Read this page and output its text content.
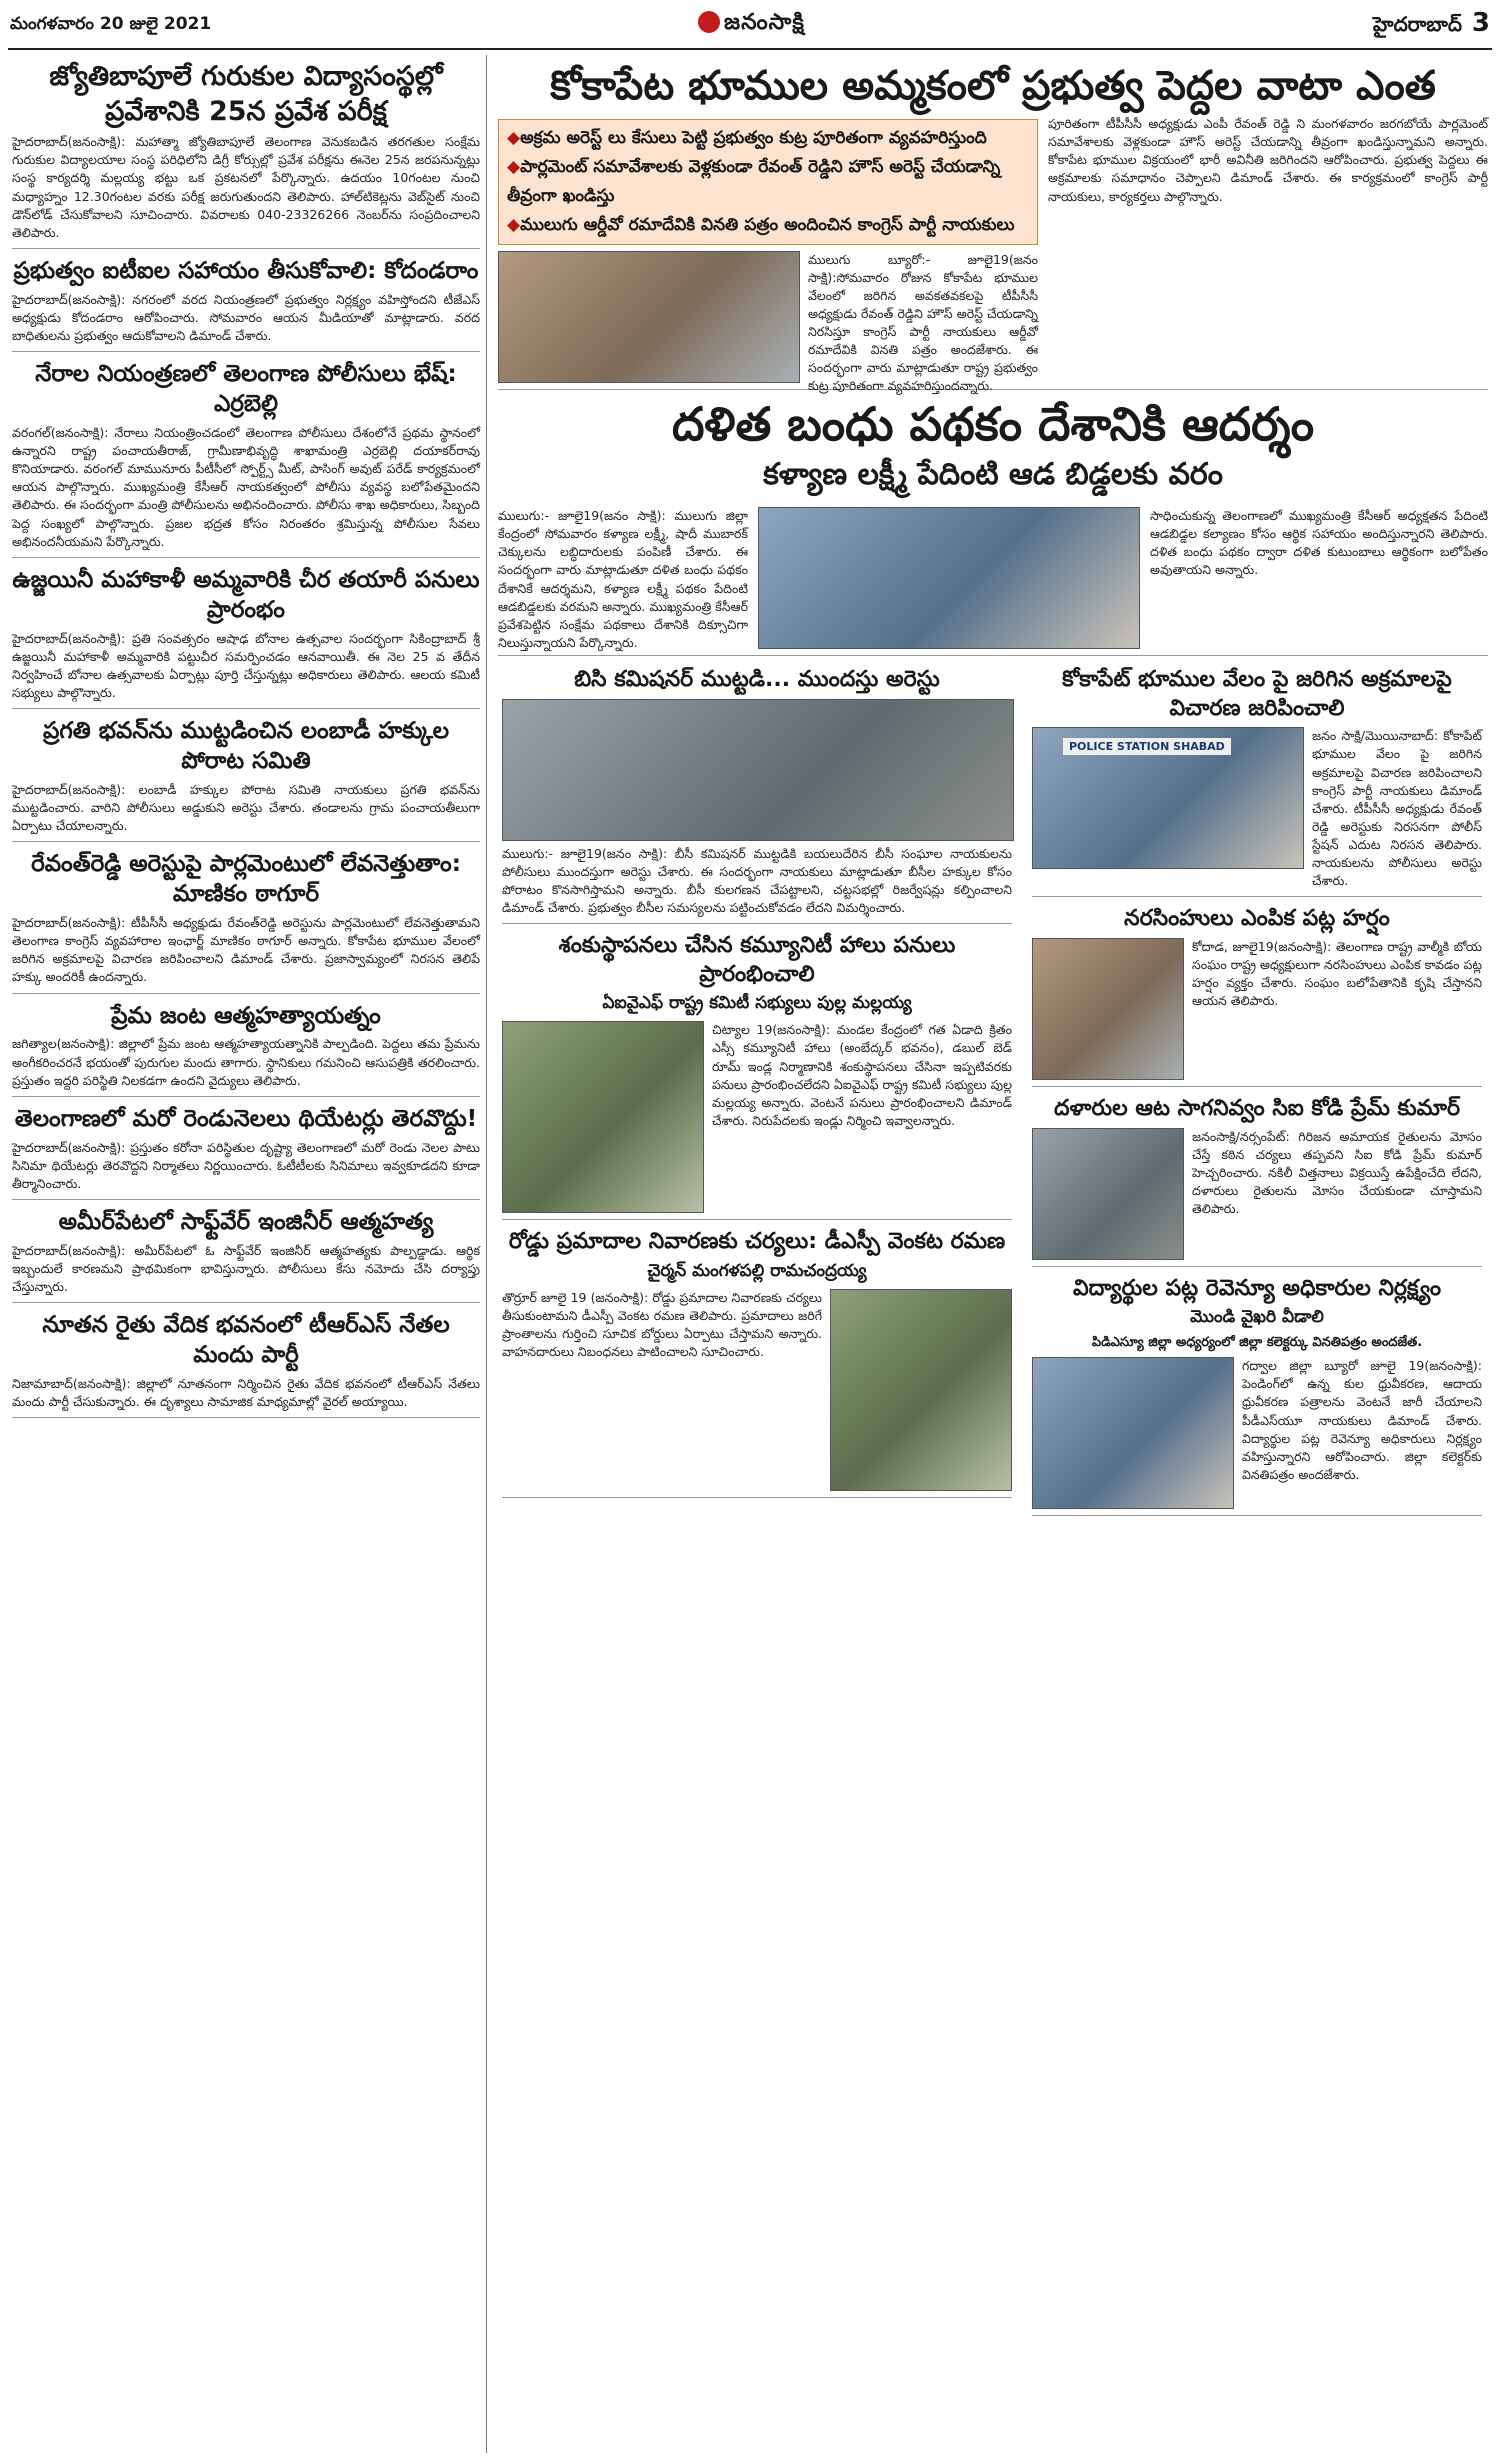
మంగళవారం 20 జులై 2021	జనంసాక్షి	హైదరాబాద్ 3
జ్యోతిబాపూలే గురుకుల విద్యాసంస్థల్లో ప్రవేశానికి 25న ప్రవేశ పరీక్ష
హైదరాబాద్(జనంసాక్షి): మహాత్మా జ్యోతిబాపూలే తెలంగాణ వెనుకబడిన తరగతుల సంక్షేమ గురుకుల విద్యాలయాల సంస్థ పరిధిలోని డిగ్రీ కోర్సుల్లో ప్రవేశ పరీక్షను ఈనెల 25న జరపనున్నట్లు సంస్థ కార్యదర్శి మల్లయ్య భట్టు ఒక ప్రకటనలో పేర్కొన్నారు. ఉదయం 10గంటల నుంచి మధ్యాహ్నం 12.30గంటల వరకు పరీక్ష జరుగుతుందని తెలిపారు. హాల్‌టికెట్లను వెబ్‌సైట్ నుంచి డౌన్‌లోడ్ చేసుకోవాలని సూచించారు. వివరాలకు 040-23326266 నెంబర్‌ను సంప్రదించాలని తెలిపారు.
ప్రభుత్వం ఐటీఐల సహాయం తీసుకోవాలి: కోదండరాం
హైదరాబాద్(జనంసాక్షి): నగరంలో వరద నియంత్రణలో ప్రభుత్వం నిర్లక్ష్యం వహిస్తోందని టీజేఎస్ అధ్యక్షుడు కోదండరాం ఆరోపించారు. సోమవారం ఆయన మీడియాతో మాట్లాడారు. వరద బాధితులను ప్రభుత్వం ఆదుకోవాలని డిమాండ్ చేశారు.
నేరాల నియంత్రణలో తెలంగాణ పోలీసులు భేష్: ఎర్రబెల్లి
వరంగల్(జనంసాక్షి): నేరాలు నియంత్రించడంలో తెలంగాణ పోలీసులు దేశంలోనే ప్రథమ స్థానంలో ఉన్నారని రాష్ట్ర పంచాయతీరాజ్, గ్రామీణాభివృద్ధి శాఖామంత్రి ఎర్రబెల్లి దయాకర్‌రావు కొనియాడారు. వరంగల్ మామునూరు పీటీసీలో స్పోర్ట్స్ మీట్, పాసింగ్ అవుట్ పరేడ్ కార్యక్రమంలో ఆయన పాల్గొన్నారు. ముఖ్యమంత్రి కేసీఆర్ నాయకత్వంలో పోలీసు వ్యవస్థ బలోపేతమైందని తెలిపారు. ఈ సందర్భంగా మంత్రి పోలీసులను అభినందించారు. పోలీసు శాఖ అధికారులు, సిబ్బంది పెద్ద సంఖ్యలో పాల్గొన్నారు. ప్రజల భద్రత కోసం నిరంతరం శ్రమిస్తున్న పోలీసుల సేవలు అభినందనీయమని పేర్కొన్నారు.
ఉజ్జయినీ మహాకాళీ అమ్మవారికి చీర తయారీ పనులు ప్రారంభం
హైదరాబాద్(జనంసాక్షి): ప్రతి సంవత్సరం ఆషాఢ బోనాల ఉత్సవాల సందర్భంగా సికింద్రాబాద్ శ్రీ ఉజ్జయినీ మహాకాళీ అమ్మవారికి పట్టుచీర సమర్పించడం ఆనవాయితీ. ఈ నెల 25 వ తేదీన నిర్వహించే బోనాల ఉత్సవాలకు ఏర్పాట్లు పూర్తి చేస్తున్నట్లు అధికారులు తెలిపారు. ఆలయ కమిటీ సభ్యులు పాల్గొన్నారు.
ప్రగతి భవన్‌ను ముట్టడించిన లంబాడీ హక్కుల పోరాట సమితి
హైదరాబాద్(జనంసాక్షి): లంబాడీ హక్కుల పోరాట సమితి నాయకులు ప్రగతి భవన్‌ను ముట్టడించారు. వారిని పోలీసులు అడ్డుకుని అరెస్టు చేశారు. తండాలను గ్రామ పంచాయతీలుగా ఏర్పాటు చేయాలన్నారు.
రేవంత్‌రెడ్డి అరెస్టుపై పార్లమెంటులో లేవనెత్తుతాం: మాణికం ఠాగూర్
హైదరాబాద్(జనంసాక్షి): టీపీసీసీ అధ్యక్షుడు రేవంత్‌రెడ్డి అరెస్టును పార్లమెంటులో లేవనెత్తుతామని తెలంగాణ కాంగ్రెస్ వ్యవహారాల ఇంఛార్జ్ మాణికం ఠాగూర్ అన్నారు. కోకాపేట భూముల వేలంలో జరిగిన అక్రమాలపై విచారణ జరిపించాలని డిమాండ్ చేశారు. ప్రజాస్వామ్యంలో నిరసన తెలిపే హక్కు అందరికీ ఉందన్నారు.
ప్రేమ జంట ఆత్మహత్యాయత్నం
జగిత్యాల(జనంసాక్షి): జిల్లాలో ప్రేమ జంట ఆత్మహత్యాయత్నానికి పాల్పడింది. పెద్దలు తమ ప్రేమను అంగీకరించరనే భయంతో పురుగుల మందు తాగారు. స్థానికులు గమనించి ఆసుపత్రికి తరలించారు. ప్రస్తుతం ఇద్దరి పరిస్థితి నిలకడగా ఉందని వైద్యులు తెలిపారు.
తెలంగాణలో మరో రెండునెలలు థియేటర్లు తెరవొద్దు!
హైదరాబాద్(జనంసాక్షి): ప్రస్తుతం కరోనా పరిస్థితుల దృష్ట్యా తెలంగాణలో మరో రెండు నెలల పాటు సినిమా థియేటర్లు తెరవొద్దని నిర్మాతలు నిర్ణయించారు. ఓటీటీలకు సినిమాలు ఇవ్వకూడదని కూడా తీర్మానించారు.
అమీర్‌పేటలో సాఫ్ట్‌వేర్ ఇంజినీర్ ఆత్మహత్య
హైదరాబాద్(జనంసాక్షి): అమీర్‌పేటలో ఓ సాఫ్ట్‌వేర్ ఇంజినీర్ ఆత్మహత్యకు పాల్పడ్డాడు. ఆర్థిక ఇబ్బందులే కారణమని ప్రాథమికంగా భావిస్తున్నారు. పోలీసులు కేసు నమోదు చేసి దర్యాప్తు చేస్తున్నారు.
నూతన రైతు వేదిక భవనంలో టీఆర్ఎస్ నేతల మందు పార్టీ
నిజామాబాద్(జనంసాక్షి): జిల్లాలో నూతనంగా నిర్మించిన రైతు వేదిక భవనంలో టీఆర్ఎస్ నేతలు మందు పార్టీ చేసుకున్నారు. ఈ దృశ్యాలు సామాజిక మాధ్యమాల్లో వైరల్ అయ్యాయి.
కోకాపేట భూముల అమ్మకంలో ప్రభుత్వ పెద్దల వాటా ఎంత
◆ అక్రమ అరెస్ట్ లు కేసులు పెట్టి ప్రభుత్వం కుట్ర పూరితంగా వ్యవహరిస్తుంది
◆ పార్లమెంట్ సమావేశాలకు వెళ్లకుండా రేవంత్ రెడ్డిని హౌస్ అరెస్ట్ చేయడాన్ని తీవ్రంగా ఖండిస్తు
◆ ములుగు ఆర్డీవో రమాదేవికి వినతి పత్రం అందించిన కాంగ్రెస్ పార్టీ నాయకులు
ములుగు బ్యూరో:- జూలై19(జనం సాక్షి):సోమవారం రోజున కోకాపేట భూముల వేలంలో జరిగిన అవకతవకలపై టీపీసీసీ అధ్యక్షుడు రేవంత్ రెడ్డిని హౌస్ అరెస్ట్ చేయడాన్ని నిరసిస్తూ కాంగ్రెస్ పార్టీ నాయకులు ఆర్డీవో రమాదేవికి వినతి పత్రం అందజేశారు. ఈ సందర్భంగా వారు మాట్లాడుతూ రాష్ట్ర ప్రభుత్వం కుట్ర పూరితంగా వ్యవహరిస్తుందన్నారు.
పూరితంగా టీపీసీసీ అధ్యక్షుడు ఎంపీ రేవంత్ రెడ్డి ని మంగళవారం జరగబోయే పార్లమెంట్ సమావేశాలకు వెళ్లకుండా హౌస్ అరెస్ట్ చేయడాన్ని తీవ్రంగా ఖండిస్తున్నామని అన్నారు. కోకాపేట భూముల విక్రయంలో భారీ అవినీతి జరిగిందని ఆరోపించారు. ప్రభుత్వ పెద్దలు ఈ అక్రమాలకు సమాధానం చెప్పాలని డిమాండ్ చేశారు. ఈ కార్యక్రమంలో కాంగ్రెస్ పార్టీ నాయకులు, కార్యకర్తలు పాల్గొన్నారు.
దళిత బంధు పథకం దేశానికి ఆదర్శం
కళ్యాణ లక్ష్మీ పేదింటి ఆడ బిడ్డలకు వరం
ములుగు:- జూలై19(జనం సాక్షి): ములుగు జిల్లా కేంద్రంలో సోమవారం కళ్యాణ లక్ష్మీ, షాదీ ముబారక్ చెక్కులను లబ్ధిదారులకు పంపిణీ చేశారు. ఈ సందర్భంగా వారు మాట్లాడుతూ దళిత బంధు పథకం దేశానికే ఆదర్శమని, కళ్యాణ లక్ష్మీ పథకం పేదింటి ఆడబిడ్డలకు వరమని అన్నారు. ముఖ్యమంత్రి కేసీఆర్ ప్రవేశపెట్టిన సంక్షేమ పథకాలు దేశానికి దిక్సూచిగా నిలుస్తున్నాయని పేర్కొన్నారు.
సాధించుకున్న తెలంగాణలో ముఖ్యమంత్రి కేసీఆర్ అధ్యక్షతన పేదింటి ఆడబిడ్డల కల్యాణం కోసం ఆర్థిక సహాయం అందిస్తున్నారని తెలిపారు. దళిత బంధు పథకం ద్వారా దళిత కుటుంబాలు ఆర్థికంగా బలోపేతం అవుతాయని అన్నారు.
బిసి కమిషనర్ ముట్టడి... ముందస్తు అరెస్టు
ములుగు:- జూలై19(జనం సాక్షి): బీసీ కమిషనర్ ముట్టడికి బయలుదేరిన బీసీ సంఘాల నాయకులను పోలీసులు ముందస్తుగా అరెస్టు చేశారు. ఈ సందర్భంగా నాయకులు మాట్లాడుతూ బీసీల హక్కుల కోసం పోరాటం కొనసాగిస్తామని అన్నారు. బీసీ కులగణన చేపట్టాలని, చట్టసభల్లో రిజర్వేషన్లు కల్పించాలని డిమాండ్ చేశారు. ప్రభుత్వం బీసీల సమస్యలను పట్టించుకోవడం లేదని విమర్శించారు.
శంకుస్థాపనలు చేసిన కమ్యూనిటీ హాలు పనులు ప్రారంభించాలి
ఏఐవైఎఫ్ రాష్ట్ర కమిటీ సభ్యులు పుల్ల మల్లయ్య
చిట్యాల 19(జనంసాక్షి): మండల కేంద్రంలో గత ఏడాది క్రితం ఎస్సీ కమ్యూనిటీ హాలు (అంబేద్కర్ భవనం), డబుల్ బెడ్ రూమ్ ఇండ్ల నిర్మాణానికి శంకుస్థాపనలు చేసినా ఇప్పటివరకు పనులు ప్రారంభించలేదని ఏఐవైఎఫ్ రాష్ట్ర కమిటీ సభ్యులు పుల్ల మల్లయ్య అన్నారు. వెంటనే పనులు ప్రారంభించాలని డిమాండ్ చేశారు. నిరుపేదలకు ఇండ్లు నిర్మించి ఇవ్వాలన్నారు.
రోడ్డు ప్రమాదాల నివారణకు చర్యలు: డీఎస్పీ వెంకట రమణ
చైర్మన్ మంగళపల్లి రామచంద్రయ్య
తొర్రూర్ జూలై 19 (జనంసాక్షి): రోడ్డు ప్రమాదాల నివారణకు చర్యలు తీసుకుంటామని డీఎస్పీ వెంకట రమణ తెలిపారు. ప్రమాదాలు జరిగే ప్రాంతాలను గుర్తించి సూచిక బోర్డులు ఏర్పాటు చేస్తామని అన్నారు. వాహనదారులు నిబంధనలు పాటించాలని సూచించారు.
కోకాపేట్ భూముల వేలం పై జరిగిన అక్రమాలపై విచారణ జరిపించాలి
POLICE STATION SHABAD
జనం సాక్షి/మొయినాబాద్: కోకాపేట్ భూముల వేలం పై జరిగిన అక్రమాలపై విచారణ జరిపించాలని కాంగ్రెస్ పార్టీ నాయకులు డిమాండ్ చేశారు. టీపీసీసీ అధ్యక్షుడు రేవంత్ రెడ్డి అరెస్టుకు నిరసనగా పోలీస్ స్టేషన్ ఎదుట నిరసన తెలిపారు. నాయకులను పోలీసులు అరెస్టు చేశారు.
నరసింహులు ఎంపిక పట్ల హర్షం
కోదాడ, జూలై19(జనంసాక్షి): తెలంగాణ రాష్ట్ర వాల్మీకి బోయ సంఘం రాష్ట్ర అధ్యక్షులుగా నరసింహులు ఎంపిక కావడం పట్ల హర్షం వ్యక్తం చేశారు. సంఘం బలోపేతానికి కృషి చేస్తానని ఆయన తెలిపారు.
దళారుల ఆట సాగనివ్వం సిఐ కోడి ప్రేమ్ కుమార్
జనంసాక్షి/నర్సంపేట్: గిరిజన అమాయక రైతులను మోసం చేస్తే కఠిన చర్యలు తప్పవని సిఐ కోడి ప్రేమ్ కుమార్ హెచ్చరించారు. నకిలీ విత్తనాలు విక్రయిస్తే ఉపేక్షించేది లేదని, దళారులు రైతులను మోసం చేయకుండా చూస్తామని తెలిపారు.
విద్యార్థుల పట్ల రెవెన్యూ అధికారుల నిర్లక్ష్యం
మొండి వైఖరి వీడాలి
పిడిఎస్యూ జిల్లా అధ్యర్యంలో జిల్లా కలెక్టర్కు వినతిపత్రం అందజేత.
గద్వాల జిల్లా బ్యూరో జూలై 19(జనంసాక్షి): పెండింగ్‌లో ఉన్న కుల ధ్రువీకరణ, ఆదాయ ధ్రువీకరణ పత్రాలను వెంటనే జారీ చేయాలని పీడీఎస్‌యూ నాయకులు డిమాండ్ చేశారు. విద్యార్థుల పట్ల రెవెన్యూ అధికారులు నిర్లక్ష్యం వహిస్తున్నారని ఆరోపించారు. జిల్లా కలెక్టర్‌కు వినతిపత్రం అందజేశారు.
